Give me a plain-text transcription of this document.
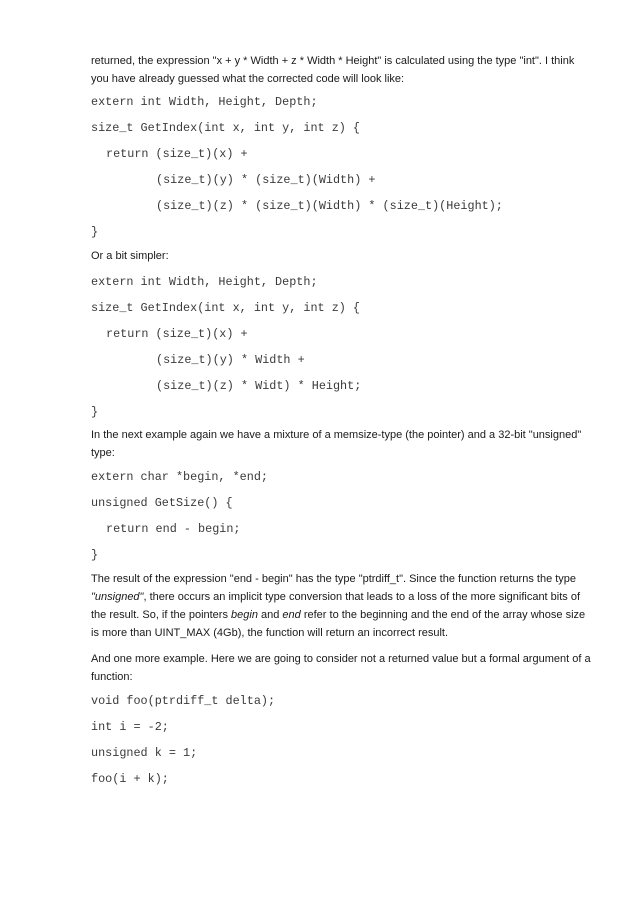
returned, the expression "x + y * Width + z * Width * Height" is calculated using the type "int". I think you have already guessed what the corrected code will look like:

extern int Width, Height, Depth;

size_t GetIndex(int x, int y, int z) {

return (size_t)(x) +

(size_t)(y) * (size_t)(Width) +

(size_t)(z) * (size_t)(Width) * (size_t)(Height);

}

Or a bit simpler:

extern int Width, Height, Depth;

size_t GetIndex(int x, int y, int z) {

return (size_t)(x) +

(size_t)(y) * Width +

(size_t)(z) * Widt) * Height;

}

In the next example again we have a mixture of a memsize-type (the pointer) and a 32-bit "unsigned" type:

extern char *begin, *end;

unsigned GetSize() {

return end - begin;

}

The result of the expression "end - begin" has the type "ptrdiff_t". Since the function returns the type "unsigned", there occurs an implicit type conversion that leads to a loss of the more significant bits of the result. So, if the pointers begin and end refer to the beginning and the end of the array whose size is more than UINT_MAX (4Gb), the function will return an incorrect result.

And one more example. Here we are going to consider not a returned value but a formal argument of a function:

void foo(ptrdiff_t delta);

int i = -2;

unsigned k = 1;

foo(i + k);
